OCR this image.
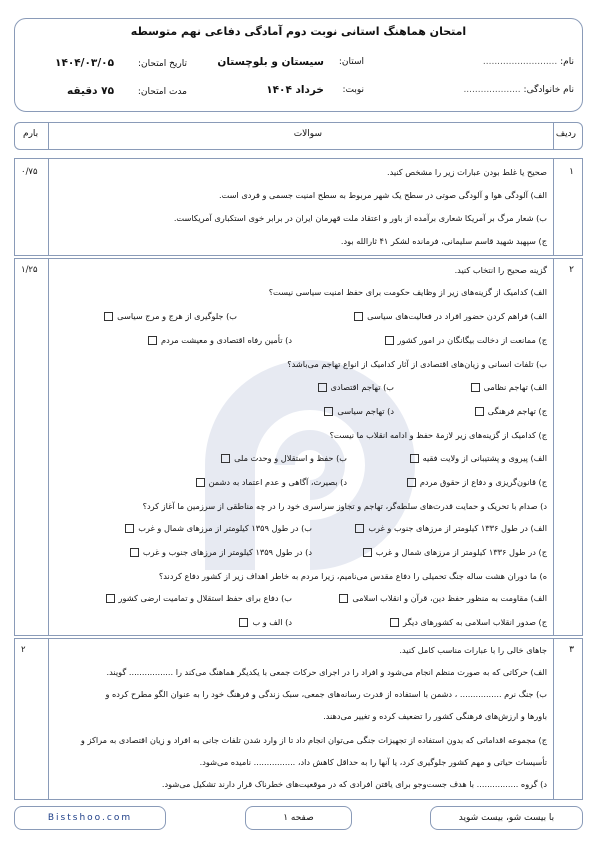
امتحان هماهنگ استانی نوبت دوم آمادگی دفاعی نهم متوسطه
نام: ..........................
نام خانوادگی: ....................
استان:
سیستان و بلوچستان
نوبت:
خرداد ۱۴۰۴
تاریخ امتحان:
۱۴۰۴/۰۳/۰۵
مدت امتحان:
۷۵ دقیقه
ردیف
سوالات
بارم
۱
۰/۷۵	صحیح یا غلط بودن عبارات زیر را مشخص کنید.
الف) آلودگی هوا و آلودگی صوتی در سطح یک شهر مربوط به سطح امنیت جسمی و فردی است.
ب) شعار مرگ بر آمریکا شعاری برآمده از باور و اعتقاد ملت قهرمان ایران در برابر خوی استکباری آمریکاست.
ج) سپهبد شهید قاسم سلیمانی، فرمانده لشکر ۴۱ ثارالله بود.
۲
۱/۲۵	گزینه صحیح را انتخاب کنید.
الف) کدامیک از گزینه‌های زیر از وظایف حکومت برای حفظ امنیت سیاسی نیست؟
الف) فراهم کردن حضور افراد در فعالیت‌های سیاسی
ب) جلوگیری از هرج و مرج سیاسی
ج) ممانعت از دخالت بیگانگان در امور کشور
د) تأمین رفاه اقتصادی و معیشت مردم
ب) تلفات انسانی و زیان‌های اقتصادی از آثار کدامیک از انواع تهاجم می‌باشد؟
الف) تهاجم نظامی
ب) تهاجم اقتصادی
ج) تهاجم فرهنگی
د) تهاجم سیاسی
ج) کدامیک از گزینه‌های زیر لازمهٔ حفظ و ادامه انقلاب ما نیست؟
الف) پیروی و پشتیبانی از ولایت فقیه
ب) حفظ و استقلال و وحدت ملی
ج) قانون‌گریزی و دفاع از حقوق مردم
د) بصیرت، آگاهی و عدم اعتماد به دشمن
د) صدام با تحریک و حمایت قدرت‌های سلطه‌گر، تهاجم و تجاوز سراسری خود را در چه مناطقی از سرزمین ما آغاز کرد؟
الف) در طول ۱۳۳۶ کیلومتر از مرزهای جنوب و غرب
ب) در طول ۱۳۵۹ کیلومتر از مرزهای شمال و غرب
ج) در طول ۱۳۳۶ کیلومتر از مرزهای شمال و غرب
د) در طول ۱۳۵۹ کیلومتر از مرزهای جنوب و غرب
ه) ما دوران هشت ساله جنگ تحمیلی را دفاع مقدس می‌نامیم، زیرا مردم به خاطر اهداف زیر از کشور دفاع کردند؟
الف) مقاومت به منظور حفظ دین، قرآن و انقلاب اسلامی
ب) دفاع برای حفظ استقلال و تمامیت ارضی کشور
ج) صدور انقلاب اسلامی به کشورهای دیگر
د) الف و ب
۳
۲	جاهای خالی را با عبارات مناسب کامل کنید.
الف) حرکاتی که به صورت منظم انجام می‌شود و افراد را در اجرای حرکات جمعی با یکدیگر هماهنگ می‌کند را ................. گویند.
ب) جنگ نرم ................ ، دشمن با استفاده از قدرت رسانه‌های جمعی، سبک زندگی و فرهنگ خود را به عنوان الگو مطرح کرده و
باورها و ارزش‌های فرهنگی کشور را تضعیف کرده و تغییر می‌دهند.
ج) مجموعه اقداماتی که بدون استفاده از تجهیزات جنگی می‌توان انجام داد تا از وارد شدن تلفات جانی به افراد و زیان اقتصادی به مراکز و
تأسیسات حیاتی و مهم کشور جلوگیری کرد، یا آنها را به حداقل کاهش داد، ................ نامیده می‌شود.
د) گروه ................ با هدف جست‌وجو برای یافتن افرادی که در موقعیت‌های خطرناک قرار دارند تشکیل می‌شود.
Bistshoo.com	صفحه ۱	با بیست شو، بیست شوید
